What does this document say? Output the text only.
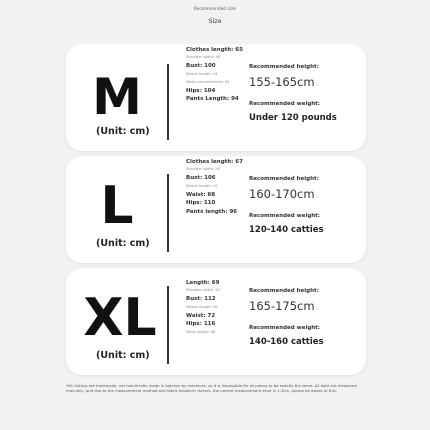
Recommended size
Size
M
(Unit: cm)
Clothes length: 65
Shoulder width: 48
Bust: 100
Sleeve length: 54
Waist circumference: 64
Hips: 104
Pants Length: 94
Recommended height:
155-165cm
Recommended weight:
Under 120 pounds
L
(Unit: cm)
Clothes length: 67
Shoulder width: 50
Bust: 106
Sleeve length: 55
Waist: 68
Hips: 110
Pants length: 96
Recommended height:
160-170cm
Recommended weight:
120-140 catties
XL
(Unit: cm)
Length: 69
Shoulder width: 52
Bust: 112
Sleeve length: 56
Waist: 72
Hips: 116
Pants length: 98
Recommended height:
165-175cm
Recommended weight:
140-160 catties
*All clothes are handmade, not handicrafts made in batches by machines, so it is impossible for all pieces to be exactly the same. All data are measured manually, and due to the measurement method and fabric elasticity factors, the normal measurement error is 1-3cm, please be aware of this.
